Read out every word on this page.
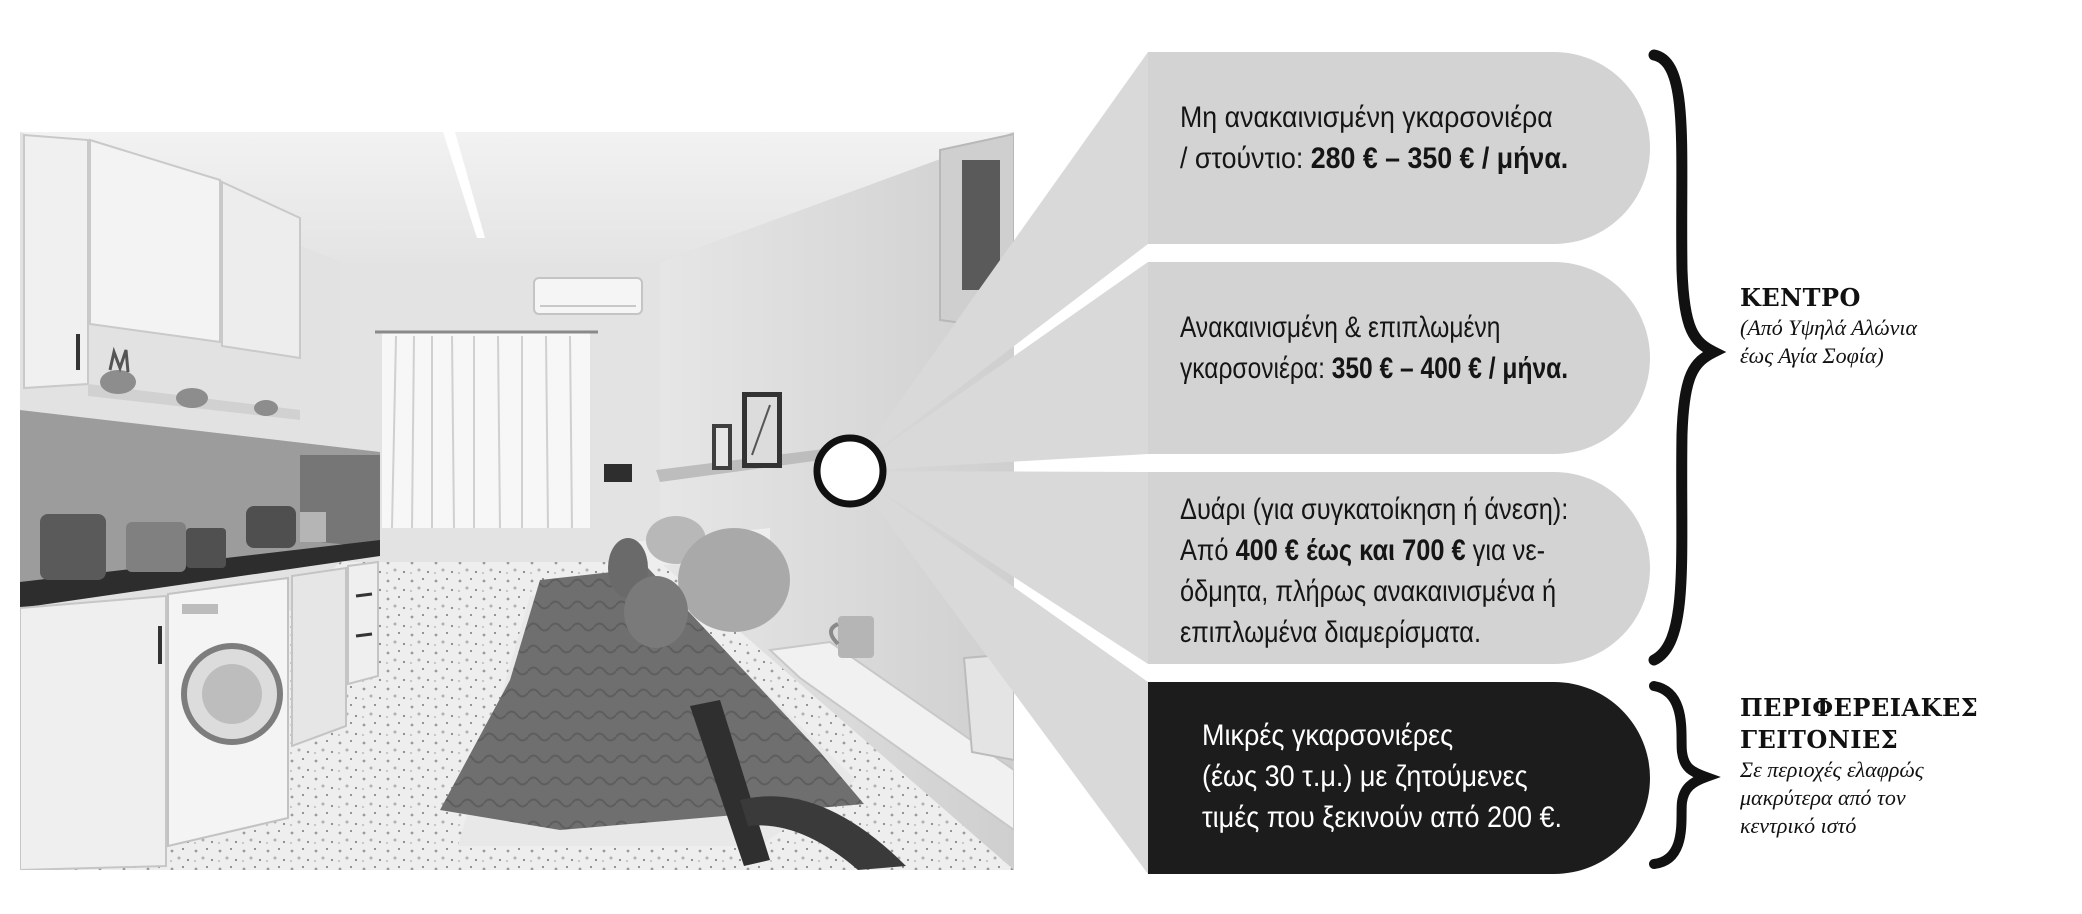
Μη ανακαινισμένη γκαρσονιέρα
/ στούντιο: 280 € – 350 € / μήνα.
Ανακαινισμένη & επιπλωμένη
γκαρσονιέρα: 350 € – 400 € / μήνα.
Δυάρι (για συγκατοίκηση ή άνεση):
Από 400 € έως και 700 € για νε-
όδμητα, πλήρως ανακαινισμένα ή
επιπλωμένα διαμερίσματα.
Μικρές γκαρσονιέρες
(έως 30 τ.μ.) με ζητούμενες
τιμές που ξεκινούν από 200 €.
ΚΕΝΤΡΟ
(Από Υψηλά Αλώνια
έως Αγία Σοφία)
ΠΕΡΙΦΕΡΕΙΑΚΕΣ
ΓΕΙΤΟΝΙΕΣ
Σε περιοχές ελαφρώς
μακρύτερα από τον
κεντρικό ιστό
